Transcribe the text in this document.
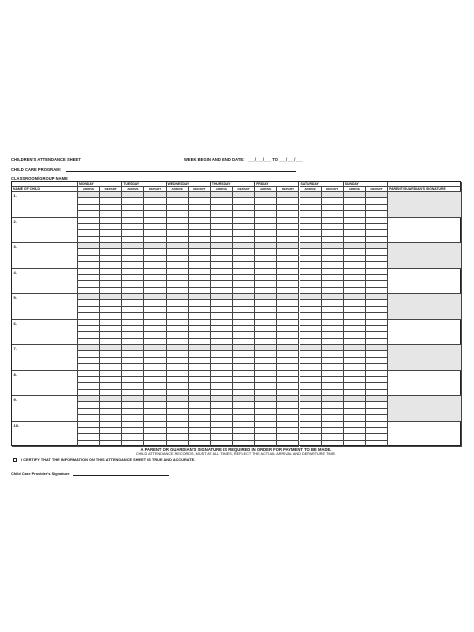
CHILDREN'S ATTENDANCE SHEET	WEEK BEGIN AND END DATE: ___/___/___ TO ___/___/___
CHILD CARE PROGRAM:
CLASSROOM/GROUP NAME
MONDAY	TUESDAY	WEDNESDAY	THURSDAY	FRIDAY	SATURDAY	SUNDAY
NAME OF CHILD	ARRIVE	DEPART	ARRIVE	DEPART	ARRIVE	DEPART	ARRIVE	DEPART	ARRIVE	DEPART	ARRIVE	DEPART	ARRIVE	DEPART	PARENT/GUARDIAN'S SIGNATURE
1.
2.
3.
4.
5.
6.
7.
8.
9.
10.
A PARENT OR GUARDIAN'S SIGNATURE IS REQUIRED IN ORDER FOR PAYMENT TO BE MADE.
CHILD ATTENDANCE RECORDS, MUST AT ALL TIMES, REFLECT THE ACTUAL ARRIVAL AND DEPARTURE TIME.
I CERTIFY THAT THE INFORMATION ON THIS ATTENDANCE SHEET IS TRUE AND ACCURATE.
Child Care Provider's Signature
